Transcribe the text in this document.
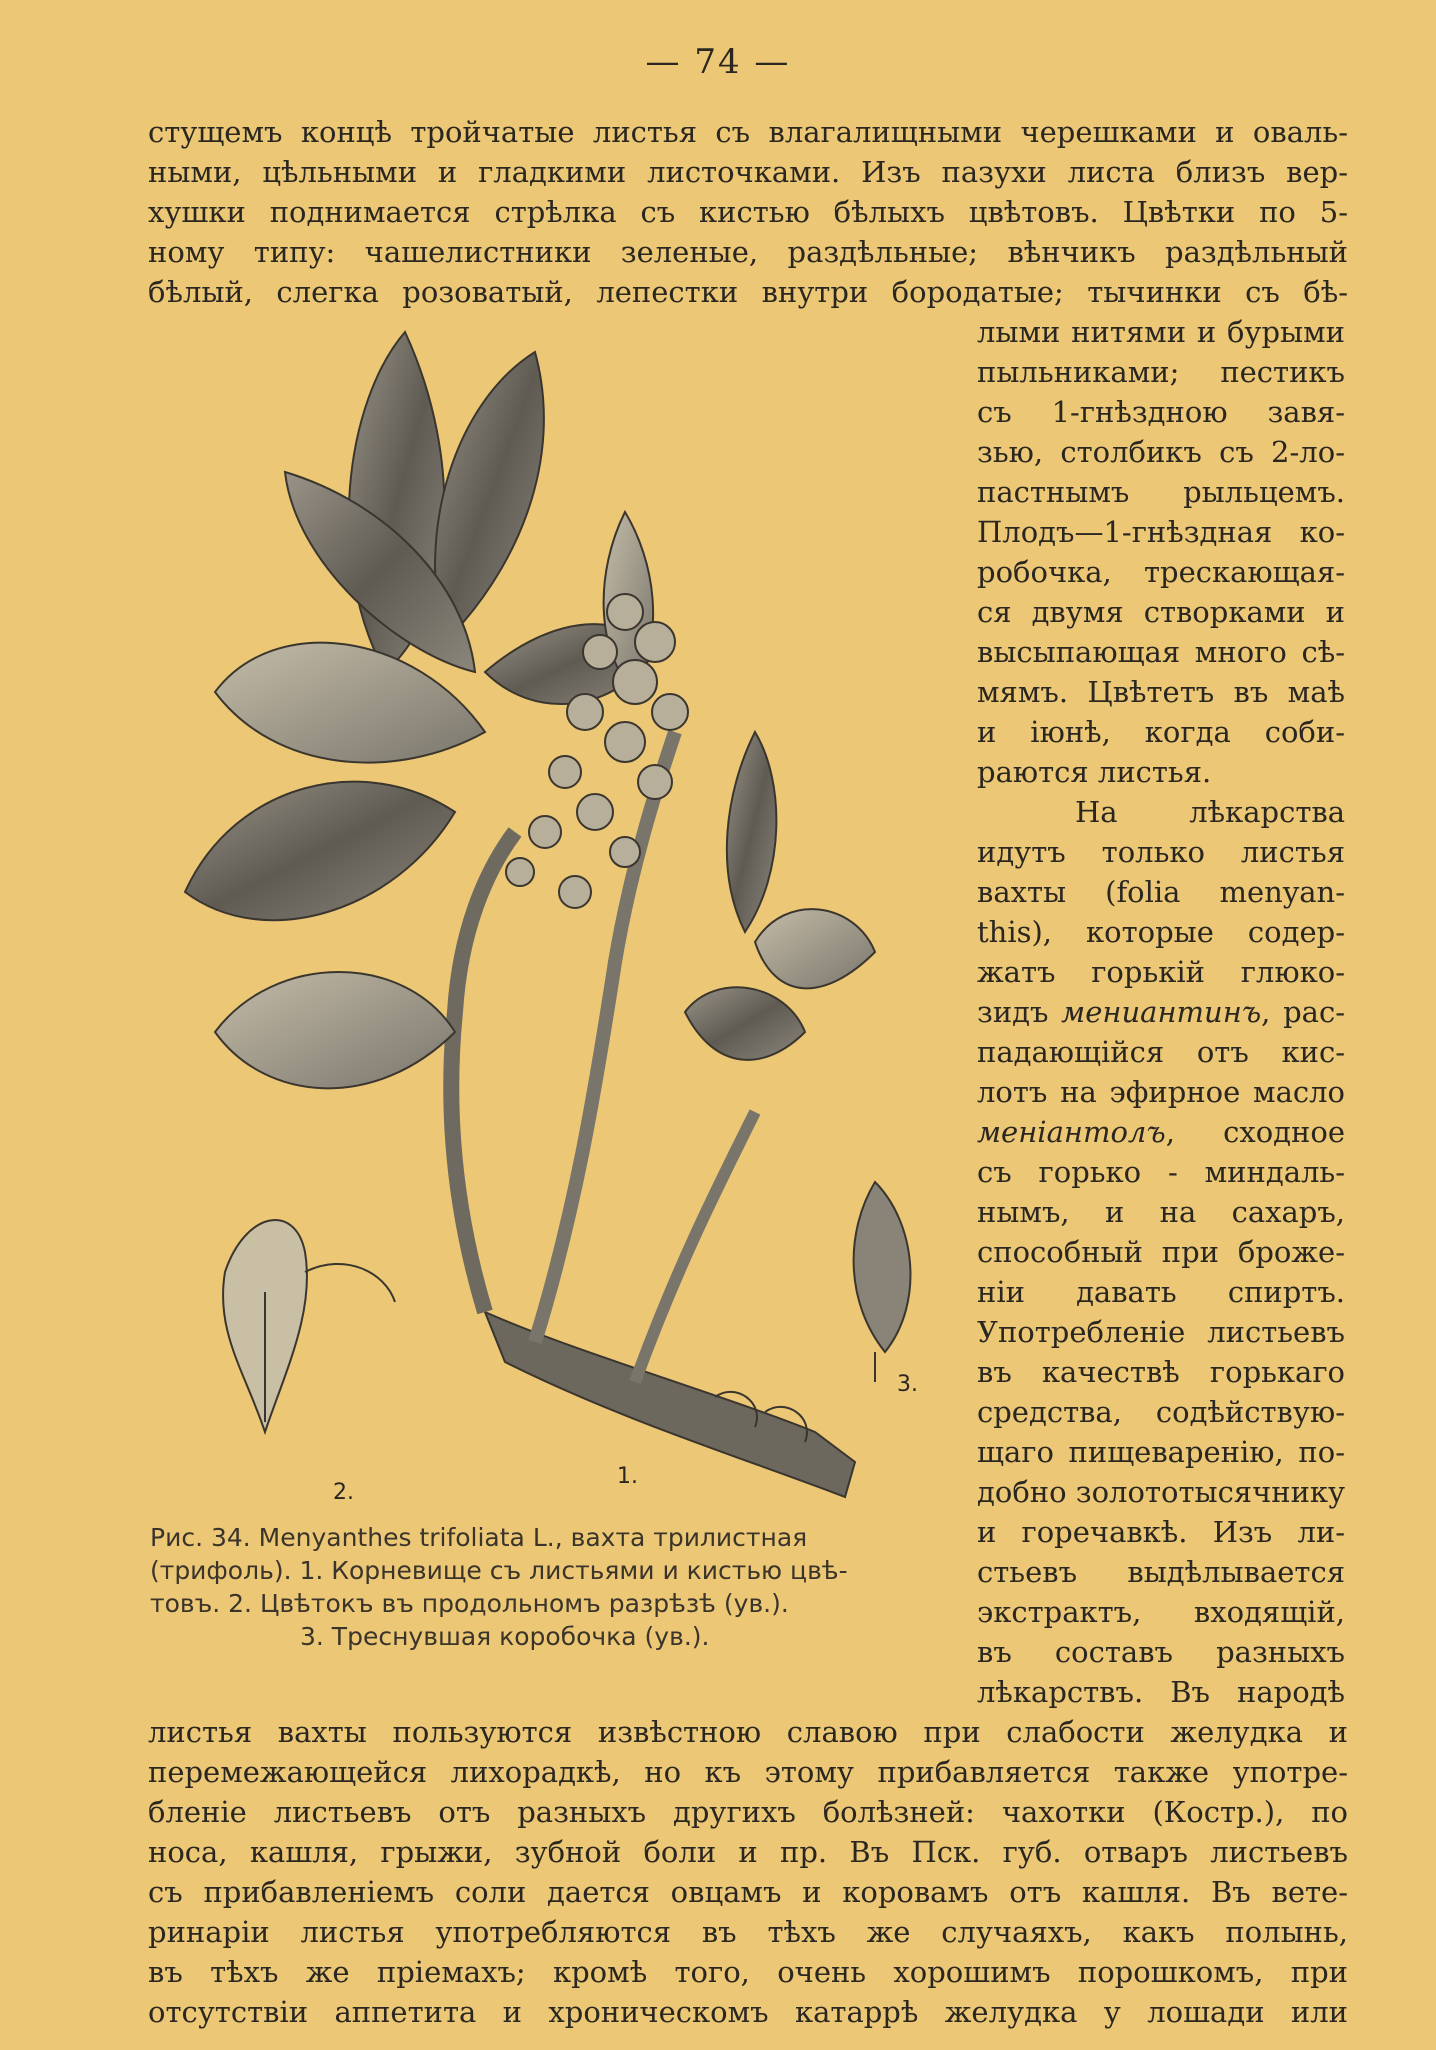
— 74 —
стущемъ концѣ тройчатые листья съ влагалищными черешками и оваль-
ными, цѣльными и гладкими листочками. Изъ пазухи листа близъ вер-
хушки поднимается стрѣлка съ кистью бѣлыхъ цвѣтовъ. Цвѣтки по 5-
ному типу: чашелистники зеленые, раздѣльные; вѣнчикъ раздѣльный
бѣлый, слегка розоватый, лепестки внутри бородатые; тычинки съ бѣ-
лыми нитями и бурыми
пыльниками; пестикъ
съ 1-гнѣздною завя-
зью, столбикъ съ 2-ло-
пастнымъ рыльцемъ.
Плодъ—1-гнѣздная ко-
робочка, трескающая-
ся двумя створками и
высыпающая много сѣ-
мямъ. Цвѣтетъ въ маѣ
и іюнѣ, когда соби-
раются листья.
На лѣкарства
идутъ только листья
вахты (folia menyan-
this), которые содер-
жатъ горькій глюко-
зидъ мениантинъ, рас-
падающійся отъ кис-
лотъ на эфирное масло
меніантолъ, сходное
съ горько - миндаль-
нымъ, и на сахаръ,
способный при броже-
ніи давать спиртъ.
Употребленіе листьевъ
въ качествѣ горькаго
средства, содѣйствую-
щаго пищеваренію, по-
добно золототысячнику
и горечавкѣ. Изъ ли-
стьевъ выдѣлывается
экстрактъ, входящій,
въ составъ разныхъ
лѣкарствъ. Въ народѣ
1.
2.
3.
Рис. 34. Menyanthes trifoliata L., вахта трилистная
(трифоль). 1. Корневище съ листьями и кистью цвѣ-
товъ. 2. Цвѣтокъ въ продольномъ разрѣзѣ (ув.).
3. Треснувшая коробочка (ув.).
листья вахты пользуются извѣстною славою при слабости желудка и
перемежающейся лихорадкѣ, но къ этому прибавляется также употре-
бленіе листьевъ отъ разныхъ другихъ болѣзней: чахотки (Костр.), по
носа, кашля, грыжи, зубной боли и пр. Въ Пск. губ. отваръ листьевъ
съ прибавленіемъ соли дается овцамъ и коровамъ отъ кашля. Въ вете-
ринаріи листья употребляются въ тѣхъ же случаяхъ, какъ полынь,
въ тѣхъ же пріемахъ; кромѣ того, очень хорошимъ порошкомъ, при
отсутствіи аппетита и хроническомъ катаррѣ желудка у лошади или
